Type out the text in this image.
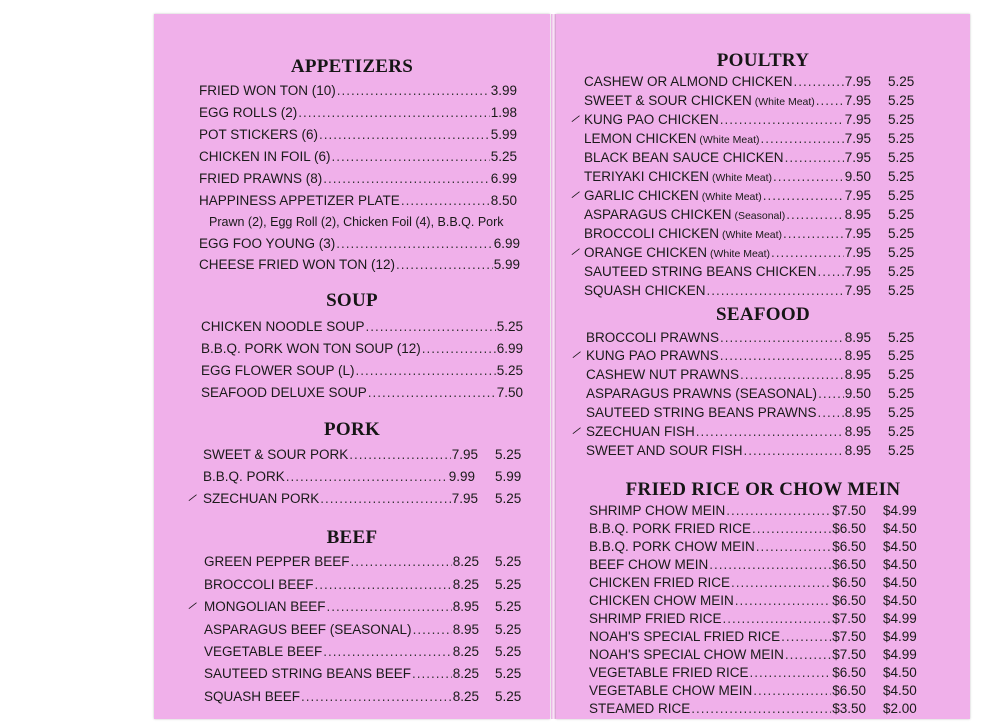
APPETIZERS
FRIED WON TON (10) .....	3.99
EGG ROLLS (2) .....	1.98
POT STICKERS (6) .....	5.99
CHICKEN IN FOIL (6) .....	5.25
FRIED PRAWNS (8) .....	6.99
HAPPINESS APPETIZER PLATE .....	8.50
Prawn (2), Egg Roll (2), Chicken Foil (4), B.B.Q. Pork
EGG FOO YOUNG (3) .....	6.99
CHEESE FRIED WON TON (12) .....	5.99
SOUP
CHICKEN NOODLE SOUP .....	5.25
B.B.Q. PORK WON TON SOUP (12) .....	6.99
EGG FLOWER SOUP (L) .....	5.25
SEAFOOD DELUXE SOUP .....	7.50
PORK
SWEET & SOUR PORK .....	7.95 5.25
B.B.Q. PORK .....	9.99 5.99
⁄ SZECHUAN PORK .....	7.95 5.25
BEEF
GREEN PEPPER BEEF .....	8.25 5.25
BROCCOLI BEEF .....	8.25 5.25
⁄ MONGOLIAN BEEF .....	8.95 5.25
ASPARAGUS BEEF (SEASONAL) .....	8.95 5.25
VEGETABLE BEEF .....	8.25 5.25
SAUTEED STRING BEANS BEEF .....	8.25 5.25
SQUASH BEEF .....	8.25 5.25
POULTRY
CASHEW OR ALMOND CHICKEN .....	7.95 5.25
SWEET & SOUR CHICKEN (White Meat) ..... 7.95 5.25
⁄ KUNG PAO CHICKEN .....	7.95 5.25
LEMON CHICKEN (White Meat) .....	7.95 5.25
BLACK BEAN SAUCE CHICKEN .....	7.95 5.25
TERIYAKI CHICKEN (White Meat) .....	9.50 5.25
⁄ GARLIC CHICKEN (White Meat) .....	7.95 5.25
ASPARAGUS CHICKEN (Seasonal) .....	8.95 5.25
BROCCOLI CHICKEN (White Meat) .....	7.95 5.25
⁄ ORANGE CHICKEN (White Meat) .....	7.95 5.25
SAUTEED STRING BEANS CHICKEN ..... 7.95 5.25
SQUASH CHICKEN .....	7.95 5.25
SEAFOOD
BROCCOLI PRAWNS .....	8.95 5.25
⁄ KUNG PAO PRAWNS .....	8.95 5.25
CASHEW NUT PRAWNS .....	8.95 5.25
ASPARAGUS PRAWNS (SEASONAL) ..... 9.50 5.25
SAUTEED STRING BEANS PRAWNS ..... 8.95 5.25
⁄ SZECHUAN FISH .....	8.95 5.25
SWEET AND SOUR FISH .....	8.95 5.25
FRIED RICE OR CHOW MEIN
SHRIMP CHOW MEIN .....	$7.50 $4.99
B.B.Q. PORK FRIED RICE .....	$6.50 $4.50
B.B.Q. PORK CHOW MEIN .....	$6.50 $4.50
BEEF CHOW MEIN .....	$6.50 $4.50
CHICKEN FRIED RICE .....	$6.50 $4.50
CHICKEN CHOW MEIN .....	$6.50 $4.50
SHRIMP FRIED RICE .....	$7.50 $4.99
NOAH'S SPECIAL FRIED RICE .....	$7.50 $4.99
NOAH'S SPECIAL CHOW MEIN .....	$7.50 $4.99
VEGETABLE FRIED RICE .....	$6.50 $4.50
VEGETABLE CHOW MEIN .....	$6.50 $4.50
STEAMED RICE .....	$3.50 $2.00
